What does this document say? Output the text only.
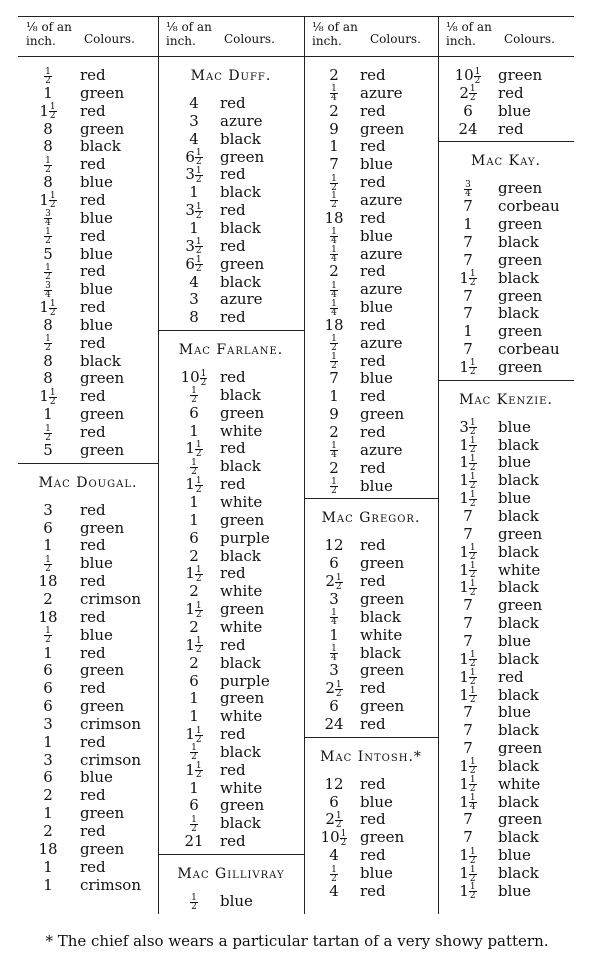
⅛ of an inch.	Colours.
$\frac{1}{2}$ red
1	green
$1 \frac{1}{2}$ red
8	green
8	black
$\frac{1}{2}$ red
8	blue
$1 \frac{1}{2}$ red
$\frac{3}{4}$ blue
$\frac{1}{2}$ red
5	blue
$\frac{1}{2}$ red
$\frac{3}{4}$ blue
$1 \frac{1}{2}$ red
8	blue
$\frac{1}{2}$ red
8	black
8	green
$1 \frac{1}{2}$ red
1	green
$\frac{1}{2}$ red
5	green
Mac Dougal.
3	red
6	green
1	red
$\frac{1}{2}$ blue
18	red
2	crimson
18	red
$\frac{1}{2}$ blue
1	red
6	green
6	red
6	green
3	crimson
1	red
3	crimson
6	blue
2	red
1	green
2	red
18	green
1	red
1	crimson
⅛ of an inch.	Colours.
Mac Duff.
4	red
3	azure
4	black
$6 \frac{1}{2}$ green
$3 \frac{1}{2}$ red
1	black
$3 \frac{1}{2}$ red
1	black
$3 \frac{1}{2}$ red
$6 \frac{1}{2}$ green
4	black
3	azure
8	red
Mac Farlane.
$10 \frac{1}{2}$ red
$\frac{1}{2}$ black
6	green
1	white
$1 \frac{1}{2}$ red
$\frac{1}{2}$ black
$1 \frac{1}{2}$ red
1	white
1	green
6	purple
2	black
$1 \frac{1}{2}$ red
2	white
$1 \frac{1}{2}$ green
2	white
$1 \frac{1}{2}$ red
2	black
6	purple
1	green
1	white
$1 \frac{1}{2}$ red
$\frac{1}{2}$ black
$1 \frac{1}{2}$ red
1	white
6	green
$\frac{1}{2}$ black
21	red
Mac Gillivray
$\frac{1}{2}$ blue
⅛ of an inch.	Colours.
2	red
$\frac{1}{4}$ azure
2	red
9	green
1	red
7	blue
$\frac{1}{2}$ red
$\frac{1}{2}$ azure
18	red
$\frac{1}{4}$ blue
$\frac{1}{4}$ azure
2	red
$\frac{1}{4}$ azure
$\frac{1}{4}$ blue
18	red
$\frac{1}{2}$ azure
$\frac{1}{2}$ red
7	blue
1	red
9	green
2	red
$\frac{1}{4}$ azure
2	red
$\frac{1}{2}$ blue
Mac Gregor.
12	red
6	green
$2 \frac{1}{2}$ red
3	green
$\frac{1}{4}$ black
1	white
$\frac{1}{4}$ black
3	green
$2 \frac{1}{2}$ red
6	green
24	red
Mac Intosh.*
12	red
6	blue
$2 \frac{1}{2}$ red
$10 \frac{1}{2}$ green
4	red
$\frac{1}{2}$ blue
4	red
⅛ of an inch.	Colours.
$10 \frac{1}{2}$ green
$2 \frac{1}{2}$ red
6	blue
24	red
Mac Kay.
$\frac{3}{4}$ green
7	corbeau
1	green
7	black
7	green
$1 \frac{1}{2}$ black
7	green
7	black
1	green
7	corbeau
$1 \frac{1}{2}$ green
Mac Kenzie.
$3 \frac{1}{2}$ blue
$1 \frac{1}{2}$ black
$1 \frac{1}{2}$ blue
$1 \frac{1}{2}$ black
$1 \frac{1}{2}$ blue
7	black
7	green
$1 \frac{1}{2}$ black
$1 \frac{1}{2}$ white
$1 \frac{1}{2}$ black
7	green
7	black
7	blue
$1 \frac{1}{2}$ black
$1 \frac{1}{2}$ red
$1 \frac{1}{2}$ black
7	blue
7	black
7	green
$1 \frac{1}{2}$ black
$1 \frac{1}{2}$ white
$1 \frac{1}{4}$ black
7	green
7	black
$1 \frac{1}{2}$ blue
$1 \frac{1}{2}$ black
$1 \frac{1}{2}$ blue
* The chief also wears a particular tartan of a very showy pattern.
